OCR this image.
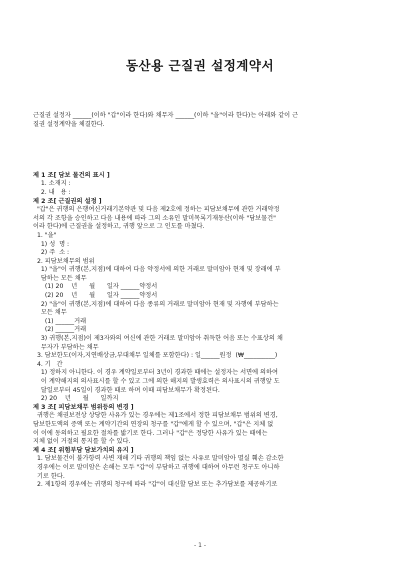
동산용 근질권 설정계약서

근질권 설정자 ______(이하 "갑"이라 한다)와 채무자 ______(이하 "을"이라 한다)는 아래와 같이 근
질권 설정계약을 체결한다.

제 1 조[ 담보 물건의 표시 ]
1. 소재지 :
2. 내   용 :
제 2 조[ 근질권의 설정 ]
"갑"은 귀행의 은행여신거래기본약관 및 다음 제2호에 정하는 피담보채무에 관한 거래약정
서의 각 조항을 승인하고 다음 내용에 따라 그의 소유인 말미목록기재동산(이하 "담보물건"
이라 한다)에 근질권을 설정하고, 귀행 앞으로 그 인도를 마쳤다.
1. "을"
1) 성  명 :
2) 주  소 :
2. 피담보채무의 범위
1) "을"이 귀행(본,지점)에 대하여 다음 약정서에 의한 거래로 말미암아 현재 및 장래에 부
담하는 모든 채무
(1) 20    년      월      일자 ______약정서
(2) 20    년      월      일자 ______약정서
2) "을"이 귀행(본,지점)에 대하여 다음 종류의 거래로 말미암아 현재 및 자행에 부담하는
모든 채무
(1) ______거래
(2) ______거래
3) 귀행(본,지점)이 제3자와의 여신에 관한 거래로 말미암아 취득한 어음 또는 수표상의 채
무자가 부담하는 채무
3. 담보한도(이자,지연배상금,부대채무 일체를 포함한다) : 일______원정  (₩__________)
4. 기   간
1) 정하지 아니한다. 이 경우 계약일로부터 3년이 경과한 때에는 설정자는 서면에 의하여
이 계약해지의 의사표시를 할 수 있고 그에 의한 해지의 발생효력은 의사표시의 귀행앞 도
달일로부터 45일이 경과한 때로 하며 이때 피담보채무가 확정된다.
2) 20    년      월      일까지
제 3 조[ 피담보채무 범위등의 변경 ]
귀행은 채권보전상 상당한 사유가 있는 경우에는 제1조에서 정한 피담보채무 범위의 변경,
담보한도액의 증액 또는 계약기간의 연장의 청구를 "갑"에게 할 수 있으며, "갑"은 지체 없
이 이에 동의하고 필요한 절차를 밟기로 한다. 그러나 "갑"은 정당한 사유가 있는 때에는
지체 없이 거절의 통지를 할 수 있다.
제 4 조[ 위험부담 담보가치의 유지 ]
1. 담보물건이 불가항력 사변 재해 기타 귀행의 책임 없는 사유로 말미암아 멸실 훼손 감소한
경우에는 이로 말미암은 손해는 모두 "갑"이 부담하고 귀행에 대하여 아무런 청구도 아니하
기로 한다.
2. 제1항의 경우에는 귀행의 청구에 따라 "갑"이 대신할 담보 또는 추가담보를 제공하기로

- 1 -
